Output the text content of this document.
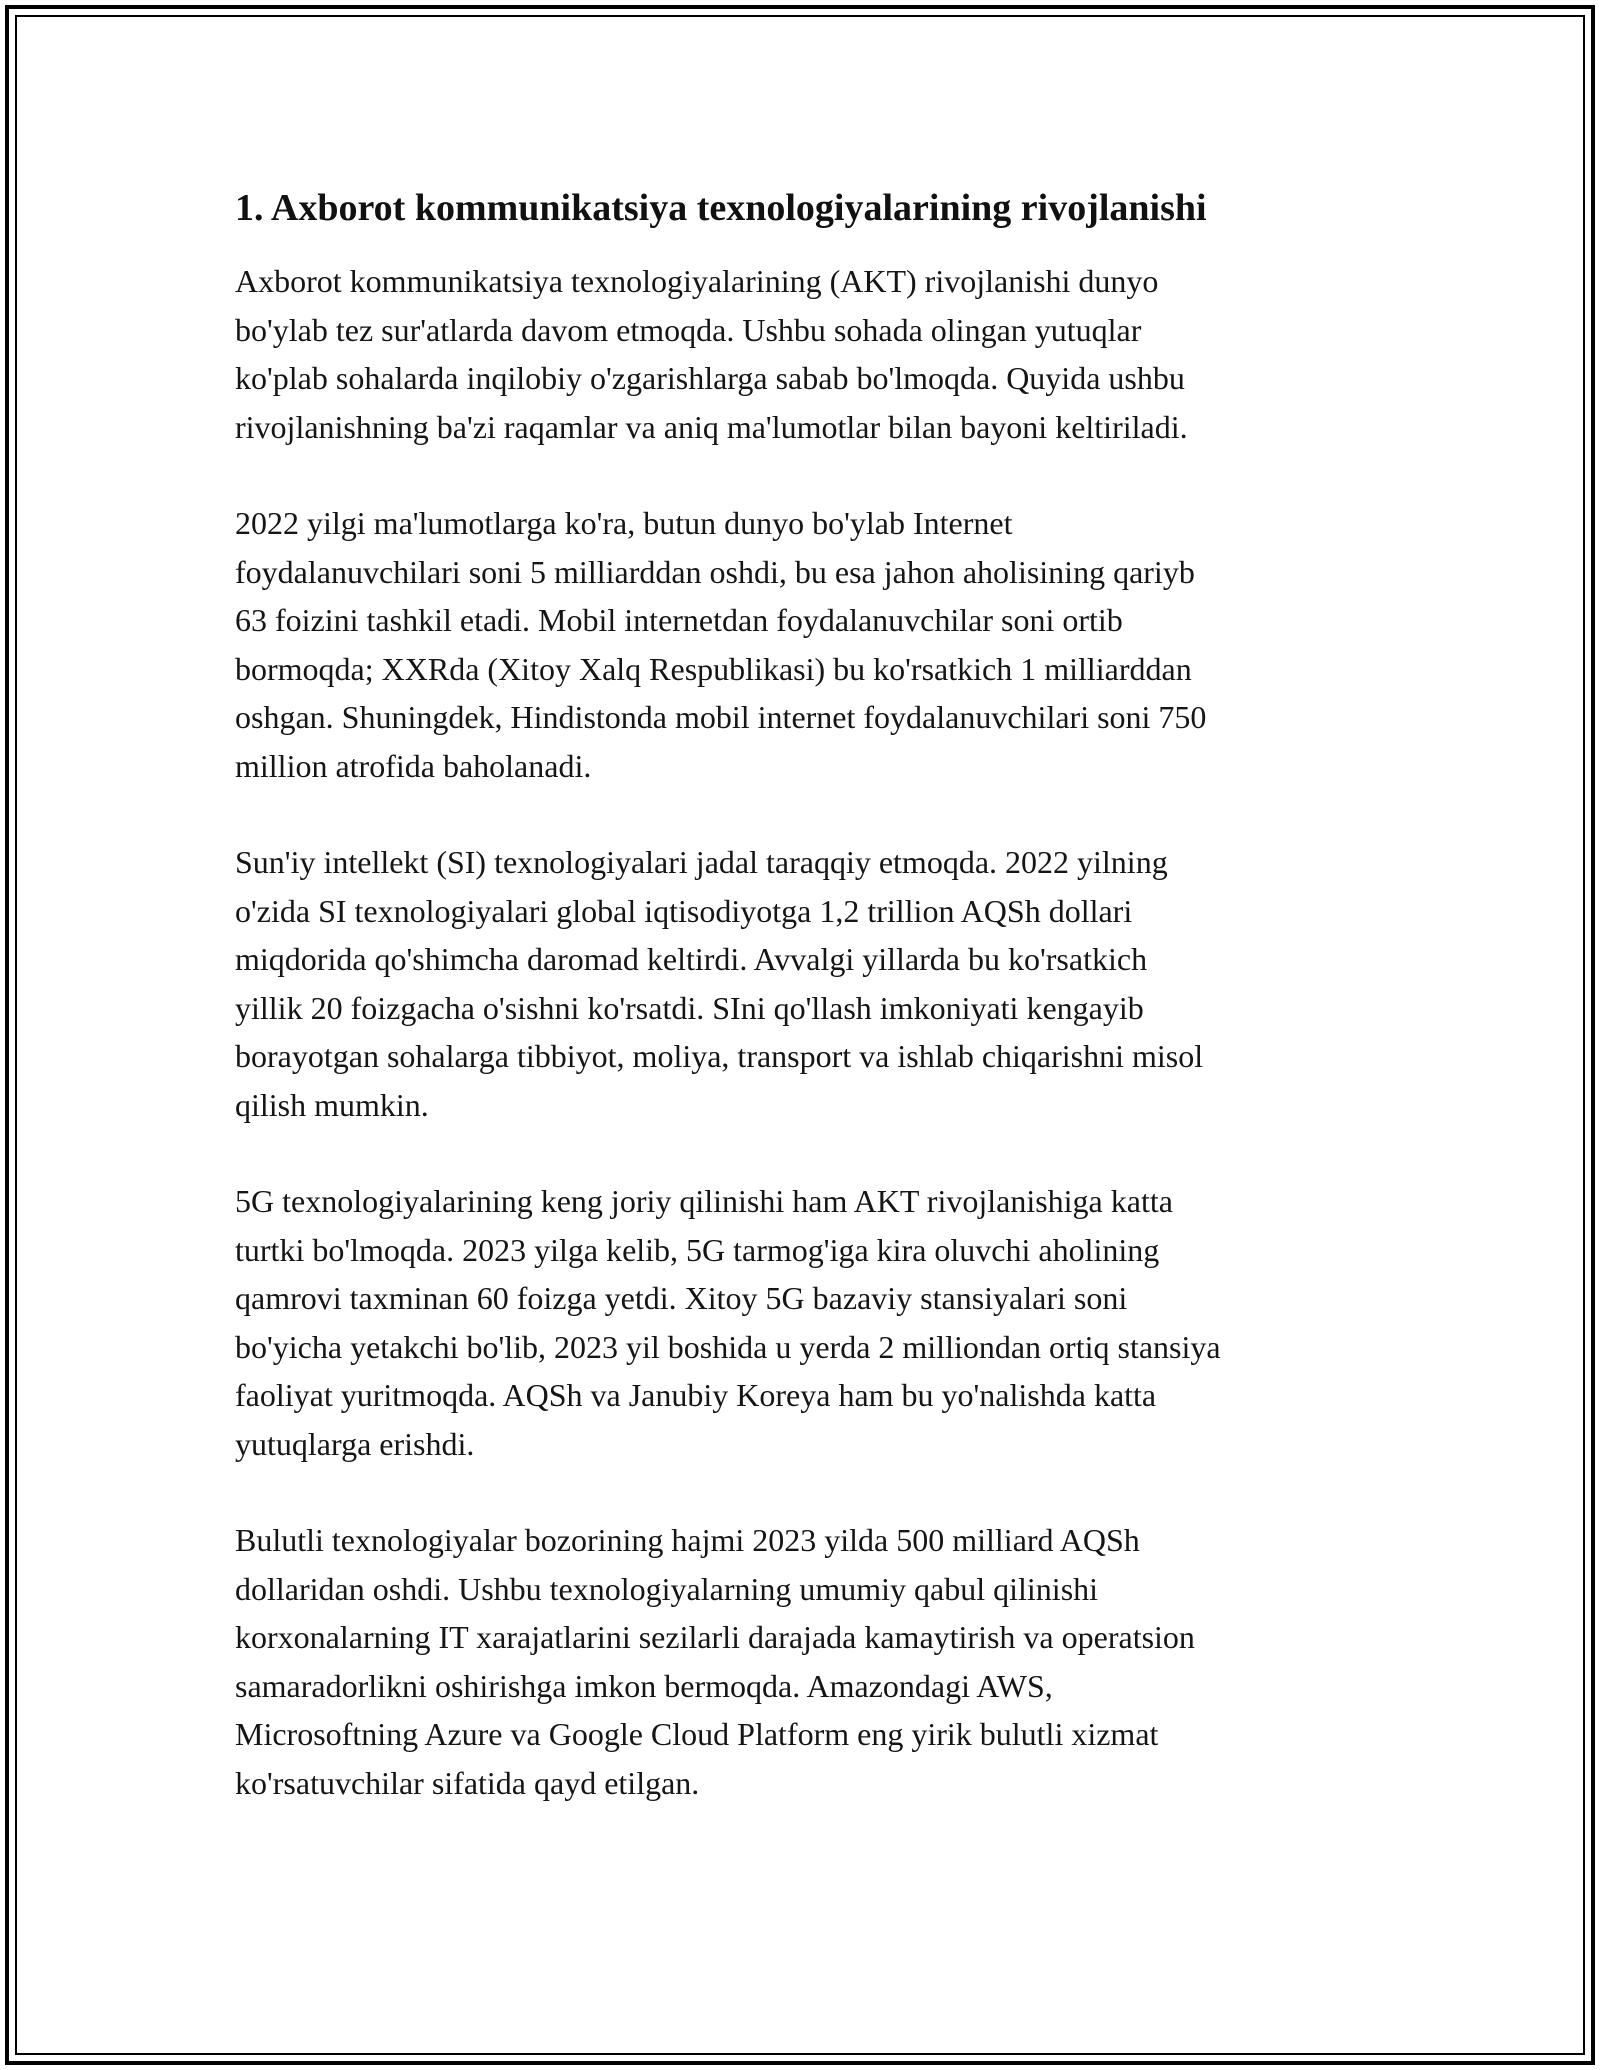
1. Axborot kommunikatsiya texnologiyalarining rivojlanishi

Axborot kommunikatsiya texnologiyalarining (AKT) rivojlanishi dunyo
bo'ylab tez sur'atlarda davom etmoqda. Ushbu sohada olingan yutuqlar
ko'plab sohalarda inqilobiy o'zgarishlarga sabab bo'lmoqda. Quyida ushbu
rivojlanishning ba'zi raqamlar va aniq ma'lumotlar bilan bayoni keltiriladi.

2022 yilgi ma'lumotlarga ko'ra, butun dunyo bo'ylab Internet
foydalanuvchilari soni 5 milliarddan oshdi, bu esa jahon aholisining qariyb
63 foizini tashkil etadi. Mobil internetdan foydalanuvchilar soni ortib
bormoqda; XXRda (Xitoy Xalq Respublikasi) bu ko'rsatkich 1 milliarddan
oshgan. Shuningdek, Hindistonda mobil internet foydalanuvchilari soni 750
million atrofida baholanadi.

Sun'iy intellekt (SI) texnologiyalari jadal taraqqiy etmoqda. 2022 yilning
o'zida SI texnologiyalari global iqtisodiyotga 1,2 trillion AQSh dollari
miqdorida qo'shimcha daromad keltirdi. Avvalgi yillarda bu ko'rsatkich
yillik 20 foizgacha o'sishni ko'rsatdi. SIni qo'llash imkoniyati kengayib
borayotgan sohalarga tibbiyot, moliya, transport va ishlab chiqarishni misol
qilish mumkin.

5G texnologiyalarining keng joriy qilinishi ham AKT rivojlanishiga katta
turtki bo'lmoqda. 2023 yilga kelib, 5G tarmog'iga kira oluvchi aholining
qamrovi taxminan 60 foizga yetdi. Xitoy 5G bazaviy stansiyalari soni
bo'yicha yetakchi bo'lib, 2023 yil boshida u yerda 2 milliondan ortiq stansiya
faoliyat yuritmoqda. AQSh va Janubiy Koreya ham bu yo'nalishda katta
yutuqlarga erishdi.

Bulutli texnologiyalar bozorining hajmi 2023 yilda 500 milliard AQSh
dollaridan oshdi. Ushbu texnologiyalarning umumiy qabul qilinishi
korxonalarning IT xarajatlarini sezilarli darajada kamaytirish va operatsion
samaradorlikni oshirishga imkon bermoqda. Amazondagi AWS,
Microsoftning Azure va Google Cloud Platform eng yirik bulutli xizmat
ko'rsatuvchilar sifatida qayd etilgan.
